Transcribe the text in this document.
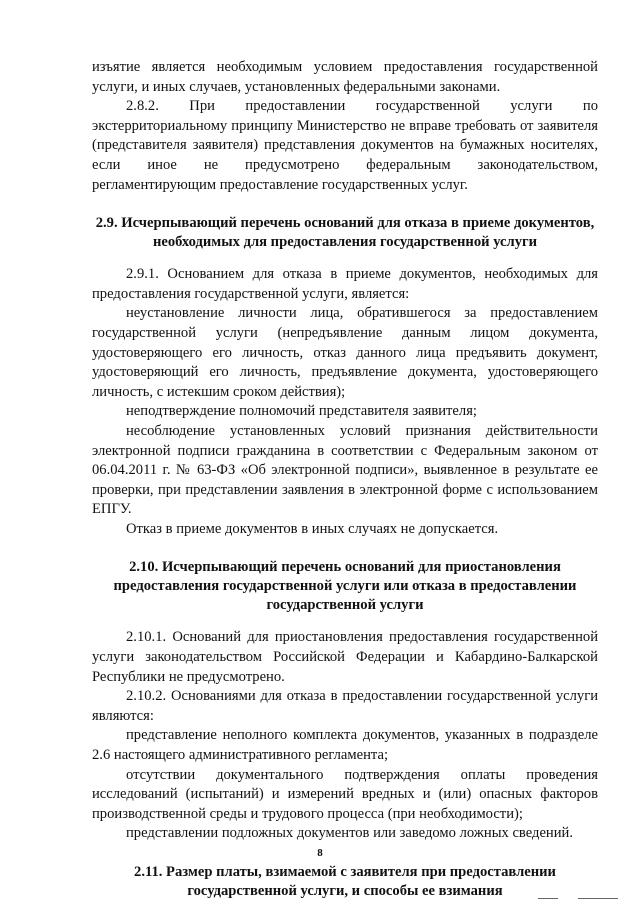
изъятие является необходимым условием предоставления государственной услуги, и иных случаев, установленных федеральными законами.

2.8.2. При предоставлении государственной услуги по экстерриториальному принципу Министерство не вправе требовать от заявителя (представителя заявителя) представления документов на бумажных носителях, если иное не предусмотрено федеральным законодательством, регламентирующим предоставление государственных услуг.

2.9. Исчерпывающий перечень оснований для отказа в приеме документов, необходимых для предоставления государственной услуги

2.9.1. Основанием для отказа в приеме документов, необходимых для предоставления государственной услуги, является:

неустановление личности лица, обратившегося за предоставлением государственной услуги (непредъявление данным лицом документа, удостоверяющего его личность, отказ данного лица предъявить документ, удостоверяющий его личность, предъявление документа, удостоверяющего личность, с истекшим сроком действия);

неподтверждение полномочий представителя заявителя;

несоблюдение установленных условий признания действительности электронной подписи гражданина в соответствии с Федеральным законом от 06.04.2011 г. № 63-ФЗ «Об электронной подписи», выявленное в результате ее проверки, при представлении заявления в электронной форме с использованием ЕПГУ.

Отказ в приеме документов в иных случаях не допускается.

2.10. Исчерпывающий перечень оснований для приостановления предоставления государственной услуги или отказа в предоставлении государственной услуги

2.10.1. Оснований для приостановления предоставления государственной услуги законодательством Российской Федерации и Кабардино-Балкарской Республики не предусмотрено.

2.10.2. Основаниями для отказа в предоставлении государственной услуги являются:

представление неполного комплекта документов, указанных в подразделе 2.6 настоящего административного регламента;

отсутствии документального подтверждения оплаты проведения исследований (испытаний) и измерений вредных и (или) опасных факторов производственной среды и трудового процесса (при необходимости);

представлении подложных документов или заведомо ложных сведений.

2.11. Размер платы, взимаемой с заявителя при предоставлении государственной услуги, и способы ее взимания
8
